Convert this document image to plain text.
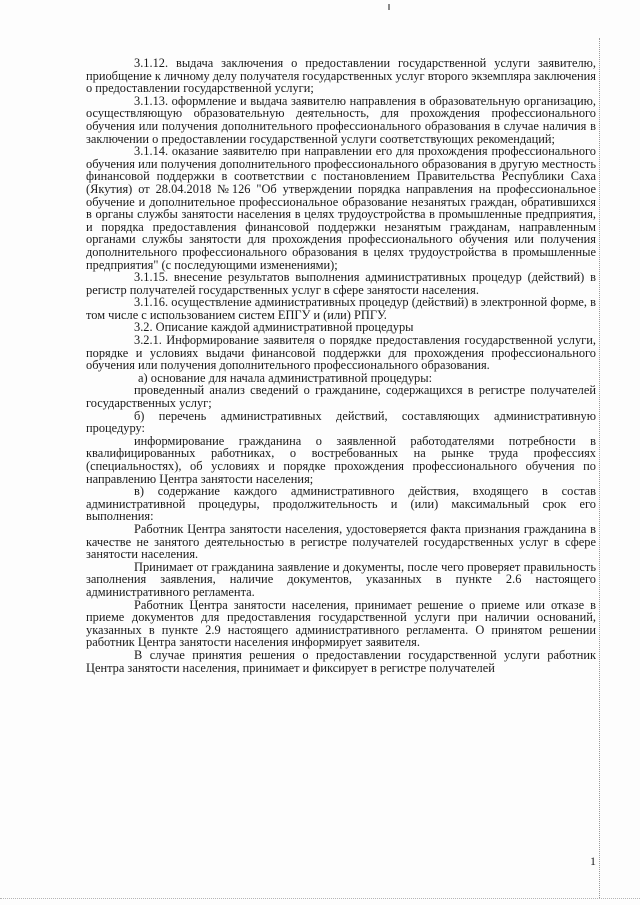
3.1.12. выдача заключения о предоставлении государственной услуги заявителю, приобщение к личному делу получателя государственных услуг второго экземпляра заключения о предоставлении государственной услуги;

3.1.13. оформление и выдача заявителю направления в образовательную организацию, осуществляющую образовательную деятельность, для прохождения профессионального обучения или получения дополнительного профессионального образования в случае наличия в заключении о предоставлении государственной услуги соответствующих рекомендаций;

3.1.14. оказание заявителю при направлении его для прохождения профессионального обучения или получения дополнительного профессионального образования в другую местность финансовой поддержки в соответствии с постановлением Правительства Республики Саха (Якутия) от 28.04.2018 №126 "Об утверждении порядка направления на профессиональное обучение и дополнительное профессиональное образование незанятых граждан, обратившихся в органы службы занятости населения в целях трудоустройства в промышленные предприятия, и порядка предоставления финансовой поддержки незанятым гражданам, направленным органами службы занятости для прохождения профессионального обучения или получения дополнительного профессионального образования в целях трудоустройства в промышленные предприятия" (с последующими изменениями);

3.1.15. внесение результатов выполнения административных процедур (действий) в регистр получателей государственных услуг в сфере занятости населения.

3.1.16. осуществление административных процедур (действий) в электронной форме, в том числе с использованием систем ЕПГУ и (или) РПГУ.

3.2. Описание каждой административной процедуры

3.2.1. Информирование заявителя о порядке предоставления государственной услуги, порядке и условиях выдачи финансовой поддержки для прохождения профессионального обучения или получения дополнительного профессионального образования.

а) основание для начала административной процедуры:

проведенный анализ сведений о гражданине, содержащихся в регистре получателей государственных услуг;

б) перечень административных действий, составляющих административную процедуру:

информирование гражданина о заявленной работодателями потребности в квалифицированных работниках, о востребованных на рынке труда профессиях (специальностях), об условиях и порядке прохождения профессионального обучения по направлению Центра занятости населения;

в) содержание каждого административного действия, входящего в состав административной процедуры, продолжительность и (или) максимальный срок его выполнения:

Работник Центра занятости населения, удостоверяется факта признания гражданина в качестве не занятого деятельностью в регистре получателей государственных услуг в сфере занятости населения.

Принимает от гражданина заявление и документы, после чего проверяет правильность заполнения заявления, наличие документов, указанных в пункте 2.6 настоящего административного регламента.

Работник Центра занятости населения, принимает решение о приеме или отказе в приеме документов для предоставления государственной услуги при наличии оснований, указанных в пункте 2.9 настоящего административного регламента. О принятом решении работник Центра занятости населения информирует заявителя.

В случае принятия решения о предоставлении государственной услуги работник Центра занятости населения, принимает и фиксирует в регистре получателей

1
